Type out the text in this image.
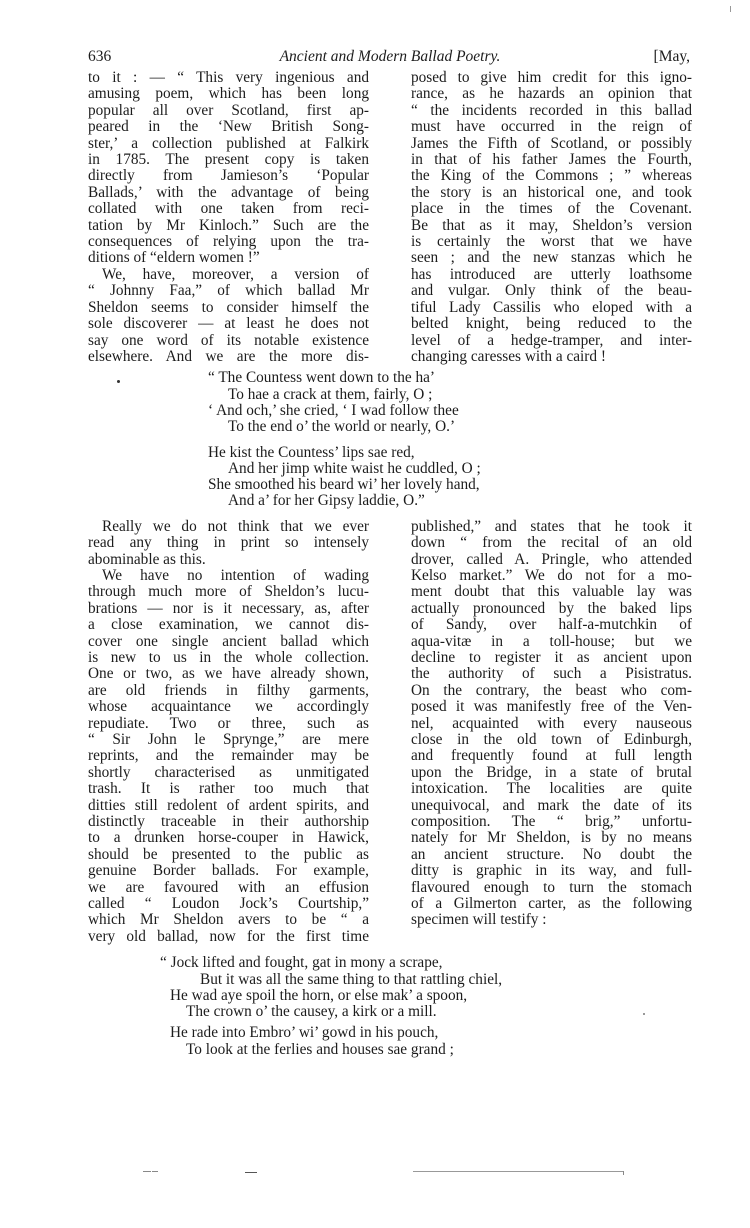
636	Ancient and Modern Ballad Poetry.	[May,
to it : — “ This very ingenious and
amusing poem, which has been long
popular all over Scotland, first ap-
peared in the ‘New British Song-
ster,’ a collection published at Falkirk
in 1785. The present copy is taken
directly from Jamieson’s ‘Popular
Ballads,’ with the advantage of being
collated with one taken from reci-
tation by Mr Kinloch.” Such are the
consequences of relying upon the tra-
ditions of “eldern women !”
We, have, moreover, a version of
“ Johnny Faa,” of which ballad Mr
Sheldon seems to consider himself the
sole discoverer — at least he does not
say one word of its notable existence
elsewhere. And we are the more dis-
posed to give him credit for this igno-
rance, as he hazards an opinion that
“ the incidents recorded in this ballad
must have occurred in the reign of
James the Fifth of Scotland, or possibly
in that of his father James the Fourth,
the King of the Commons ; ” whereas
the story is an historical one, and took
place in the times of the Covenant.
Be that as it may, Sheldon’s version
is certainly the worst that we have
seen ; and the new stanzas which he
has introduced are utterly loathsome
and vulgar. Only think of the beau-
tiful Lady Cassilis who eloped with a
belted knight, being reduced to the
level of a hedge-tramper, and inter-
changing caresses with a caird !
“ The Countess went down to the ha’
To hae a crack at them, fairly, O ;
‘ And och,’ she cried, ‘ I wad follow thee
To the end o’ the world or nearly, O.’
He kist the Countess’ lips sae red,
And her jimp white waist he cuddled, O ;
She smoothed his beard wi’ her lovely hand,
And a’ for her Gipsy laddie, O.”
Really we do not think that we ever
read any thing in print so intensely
abominable as this.
We have no intention of wading
through much more of Sheldon’s lucu-
brations — nor is it necessary, as, after
a close examination, we cannot dis-
cover one single ancient ballad which
is new to us in the whole collection.
One or two, as we have already shown,
are old friends in filthy garments,
whose acquaintance we accordingly
repudiate. Two or three, such as
“ Sir John le Sprynge,” are mere
reprints, and the remainder may be
shortly characterised as unmitigated
trash. It is rather too much that
ditties still redolent of ardent spirits, and
distinctly traceable in their authorship
to a drunken horse-couper in Hawick,
should be presented to the public as
genuine Border ballads. For example,
we are favoured with an effusion
called “ Loudon Jock’s Courtship,”
which Mr Sheldon avers to be “ a
very old ballad, now for the first time
published,” and states that he took it
down “ from the recital of an old
drover, called A. Pringle, who attended
Kelso market.” We do not for a mo-
ment doubt that this valuable lay was
actually pronounced by the baked lips
of Sandy, over half-a-mutchkin of
aqua-vitæ in a toll-house; but we
decline to register it as ancient upon
the authority of such a Pisistratus.
On the contrary, the beast who com-
posed it was manifestly free of the Ven-
nel, acquainted with every nauseous
close in the old town of Edinburgh,
and frequently found at full length
upon the Bridge, in a state of brutal
intoxication. The localities are quite
unequivocal, and mark the date of its
composition. The “ brig,” unfortu-
nately for Mr Sheldon, is by no means
an ancient structure. No doubt the
ditty is graphic in its way, and full-
flavoured enough to turn the stomach
of a Gilmerton carter, as the following
specimen will testify :
“ Jock lifted and fought, gat in mony a scrape,
But it was all the same thing to that rattling chiel,
He wad aye spoil the horn, or else mak’ a spoon,
The crown o’ the causey, a kirk or a mill.
He rade into Embro’ wi’ gowd in his pouch,
To look at the ferlies and houses sae grand ;
